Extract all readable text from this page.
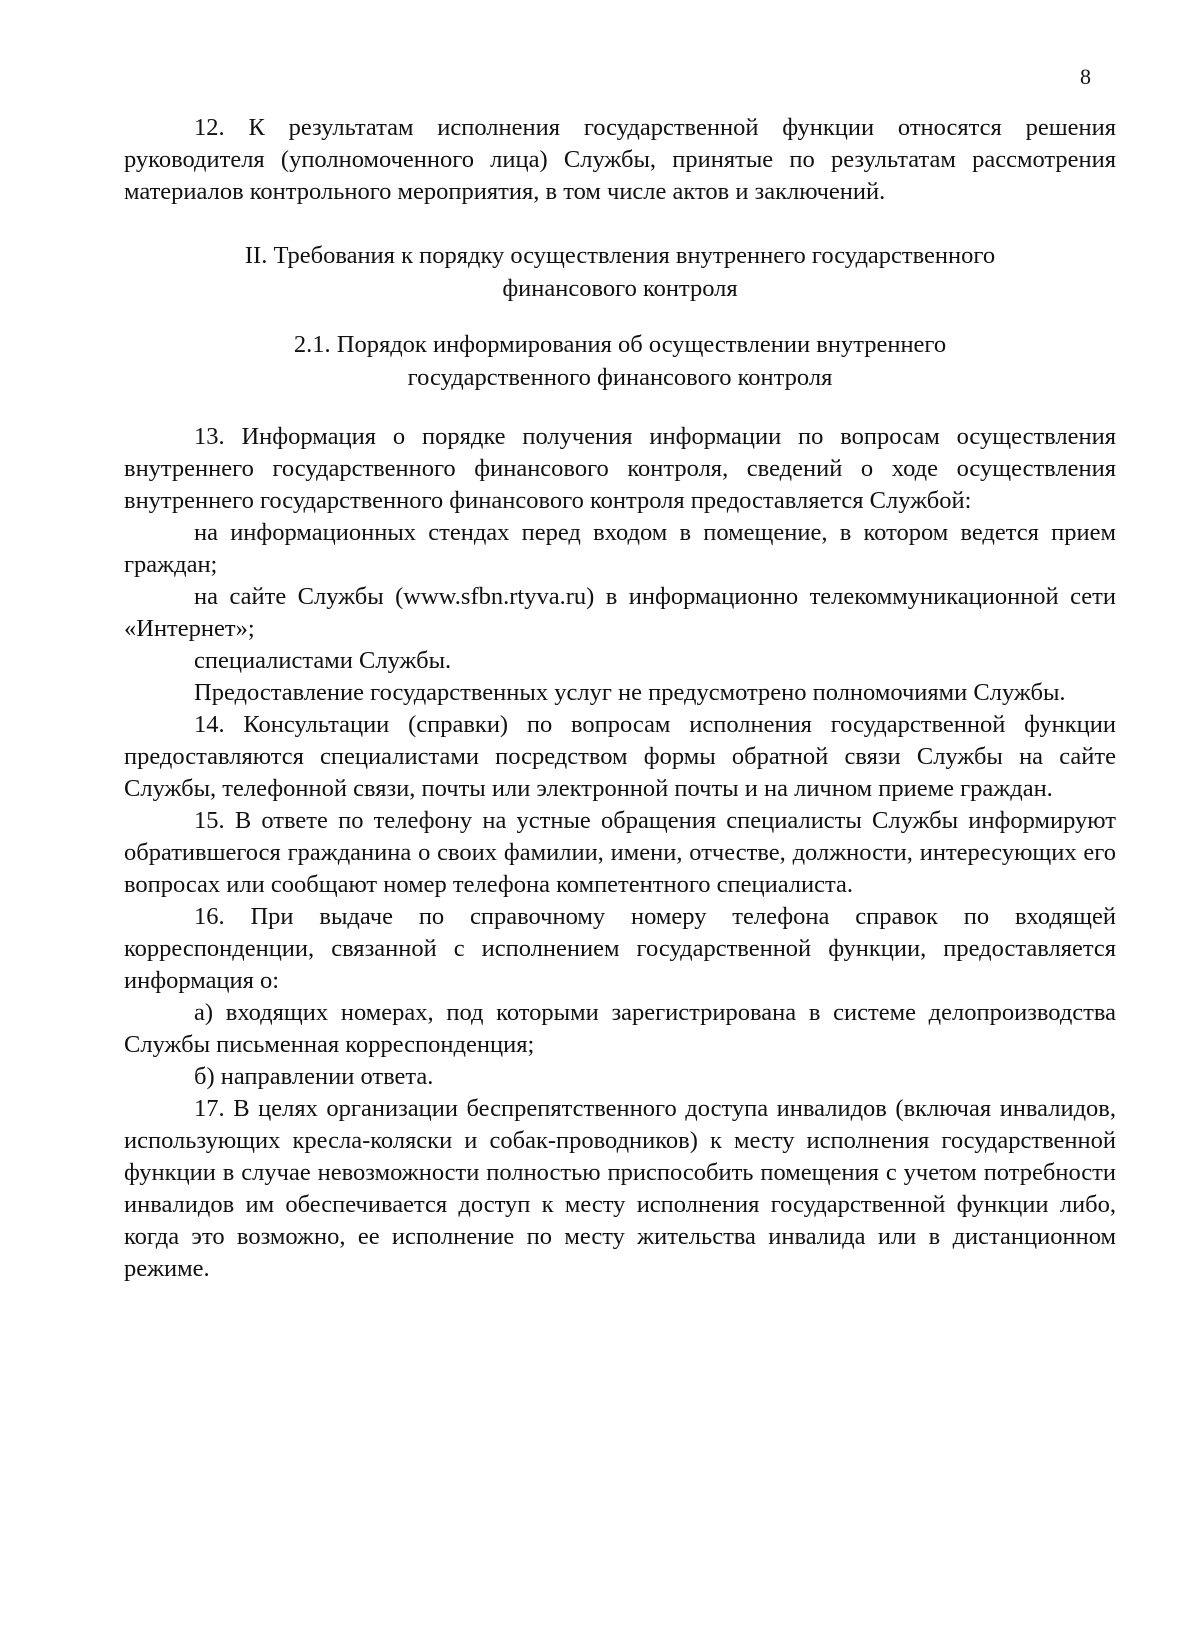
8

12. К результатам исполнения государственной функции относятся решения руководителя (уполномоченного лица) Службы, принятые по результатам рассмотрения материалов контрольного мероприятия, в том числе актов и заключений.

II. Требования к порядку осуществления внутреннего государственного
финансового контроля
2.1. Порядок информирования об осуществлении внутреннего
государственного финансового контроля

13. Информация о порядке получения информации по вопросам осуществления внутреннего государственного финансового контроля, сведений о ходе осуществления внутреннего государственного финансового контроля предоставляется Службой:

на информационных стендах перед входом в помещение, в котором ведется прием граждан;

на сайте Службы (www.sfbn.rtyva.ru) в информационно телекоммуникационной сети «Интернет»;

специалистами Службы.

Предоставление государственных услуг не предусмотрено полномочиями Службы.

14. Консультации (справки) по вопросам исполнения государственной функции предоставляются специалистами посредством формы обратной связи Службы на сайте Службы, телефонной связи, почты или электронной почты и на личном приеме граждан.

15. В ответе по телефону на устные обращения специалисты Службы информируют обратившегося гражданина о своих фамилии, имени, отчестве, должности, интересующих его вопросах или сообщают номер телефона компетентного специалиста.

16. При выдаче по справочному номеру телефона справок по входящей корреспонденции, связанной с исполнением государственной функции, предоставляется информация о:

а) входящих номерах, под которыми зарегистрирована в системе делопроизводства Службы письменная корреспонденция;

б) направлении ответа.

17. В целях организации беспрепятственного доступа инвалидов (включая инвалидов, использующих кресла-коляски и собак-проводников) к месту исполнения государственной функции в случае невозможности полностью приспособить помещения с учетом потребности инвалидов им обеспечивается доступ к месту исполнения государственной функции либо, когда это возможно, ее исполнение по месту жительства инвалида или в дистанционном режиме.
